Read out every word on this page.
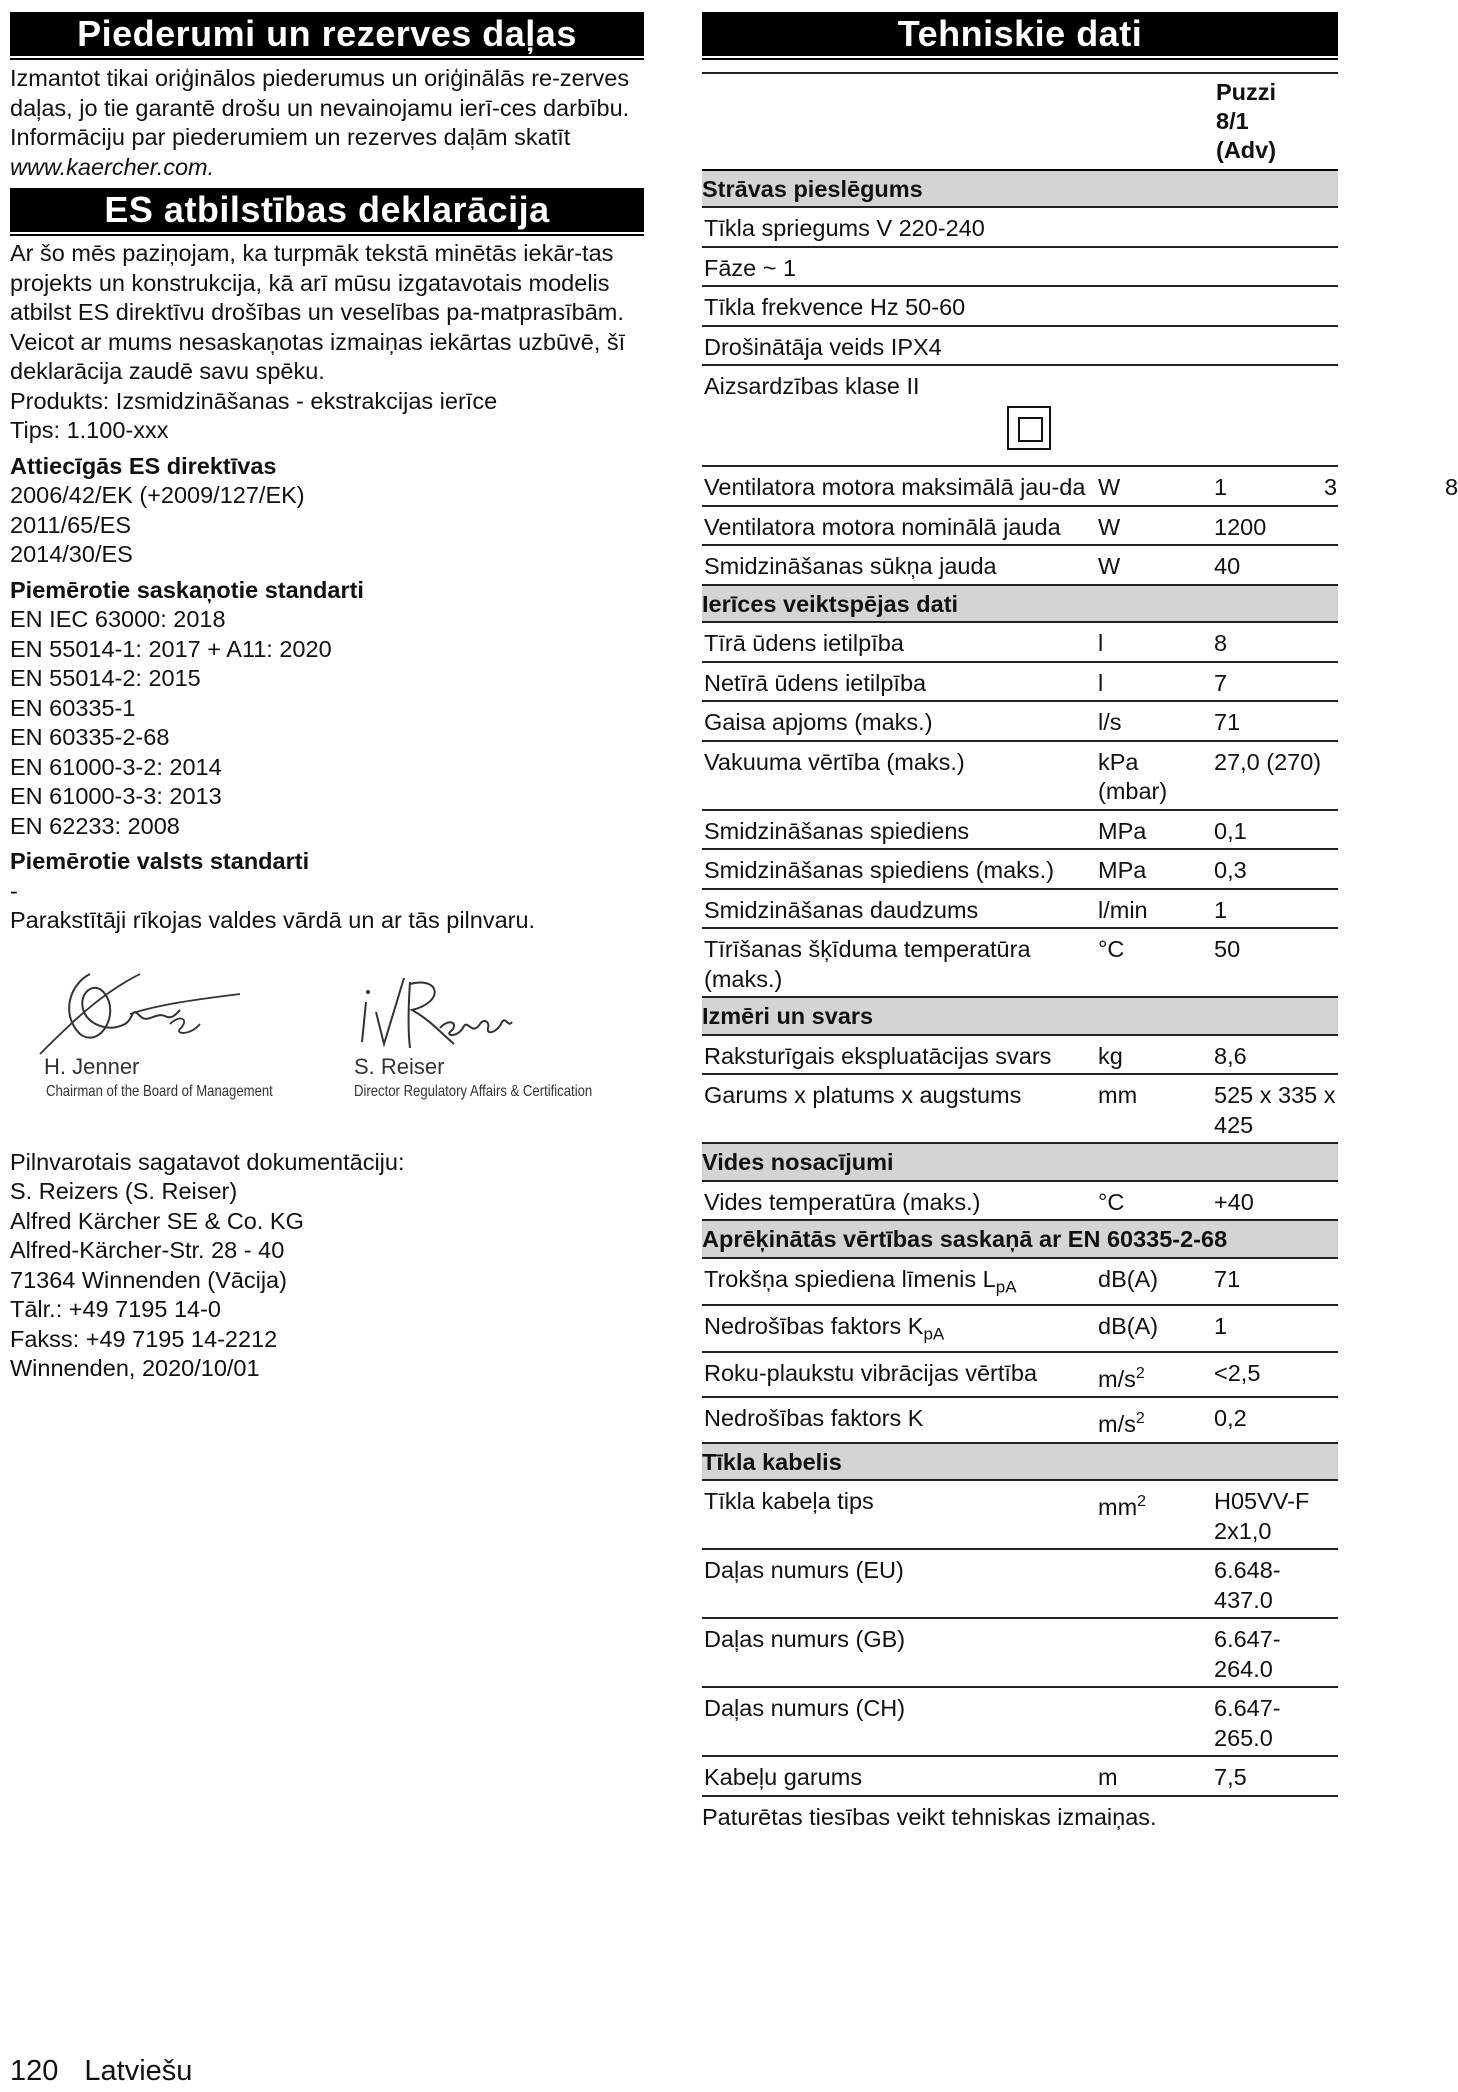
Piederumi un rezerves daļas

Izmantot tikai oriģinālos piederumus un oriģinālās re-zerves daļas, jo tie garantē drošu un nevainojamu ierī-ces darbību.

Informāciju par piederumiem un rezerves daļām skatīt

www.kaercher.com.

ES atbilstības deklarācija

Ar šo mēs paziņojam, ka turpmāk tekstā minētās iekār-tas projekts un konstrukcija, kā arī mūsu izgatavotais modelis atbilst ES direktīvu drošības un veselības pa-matprasībām. Veicot ar mums nesaskaņotas izmaiņas iekārtas uzbūvē, šī deklarācija zaudē savu spēku.

Produkts: Izsmidzināšanas - ekstrakcijas ierīce

Tips: 1.100-xxx

Attiecīgās ES direktīvas

2006/42/EK (+2009/127/EK)

2011/65/ES

2014/30/ES

Piemērotie saskaņotie standarti

EN IEC 63000: 2018

EN 55014-1: 2017 + A11: 2020

EN 55014-2: 2015

EN 60335-1

EN 60335-2-68

EN 61000-3-2: 2014

EN 61000-3-3: 2013

EN 62233: 2008

Piemērotie valsts standarti

-

Parakstītāji rīkojas valdes vārdā un ar tās pilnvaru.

H. Jenner
Chairman of the Board of Management
S. Reiser
Director Regulatory Affairs & Certification

Pilnvarotais sagatavot dokumentāciju:

S. Reizers (S. Reiser)

Alfred Kärcher SE & Co. KG

Alfred-Kärcher-Str. 28 - 40

71364 Winnenden (Vācija)

Tālr.: +49 7195 14-0

Fakss: +49 7195 14-2212

Winnenden, 2020/10/01

Tehniskie dati
Puzzi
8/1
(Adv)
Strāvas pieslēgums		
Tīkla spriegums V 220-240		
Fāze ~ 1		
Tīkla frekvence Hz 50-60		
Drošinātāja veids IPX4		
Aizsardzības klase II

Ventilatora motora maksimālā jau-da	W	1 3 8

Ventilatora motora nominālā jauda	W	1200
Smidzināšanas sūkņa jauda	W	40
Ierīces veiktspējas dati		
Tīrā ūdens ietilpība	l	8
Netīrā ūdens ietilpība	l	7
Gaisa apjoms (maks.)	l/s	71
Vakuuma vērtība (maks.)	kPa (mbar)	27,0 (270)
Smidzināšanas spiediens	MPa	0,1
Smidzināšanas spiediens (maks.)	MPa	0,3
Smidzināšanas daudzums	l/min	1
Tīrīšanas šķīduma temperatūra (maks.)	°C	50
Izmēri un svars		
Raksturīgais ekspluatācijas svars	kg	8,6
Garums x platums x augstums	mm	525 x 335 x 425
Vides nosacījumi		
Vides temperatūra (maks.)	°C	+40
Aprēķinātās vērtības saskaņā ar EN 60335-2-68		
Trokšņa spiediena līmenis $L_{pA}$	dB(A)	71
Nedrošības faktors $K_{pA}$	dB(A)	1
Roku-plaukstu vibrācijas vērtība	$m/s^2$	<2,5
Nedrošības faktors K	$m/s^2$	0,2
Tīkla kabelis		
Tīkla kabeļa tips	$mm^2$	H05VV-F 2x1,0
Daļas numurs (EU)		6.648-437.0
Daļas numurs (GB)		6.647-264.0
Daļas numurs (CH)		6.647-265.0
Kabeļu garums	m	7,5

Paturētas tiesības veikt tehniskas izmaiņas.

120 Latviešu
